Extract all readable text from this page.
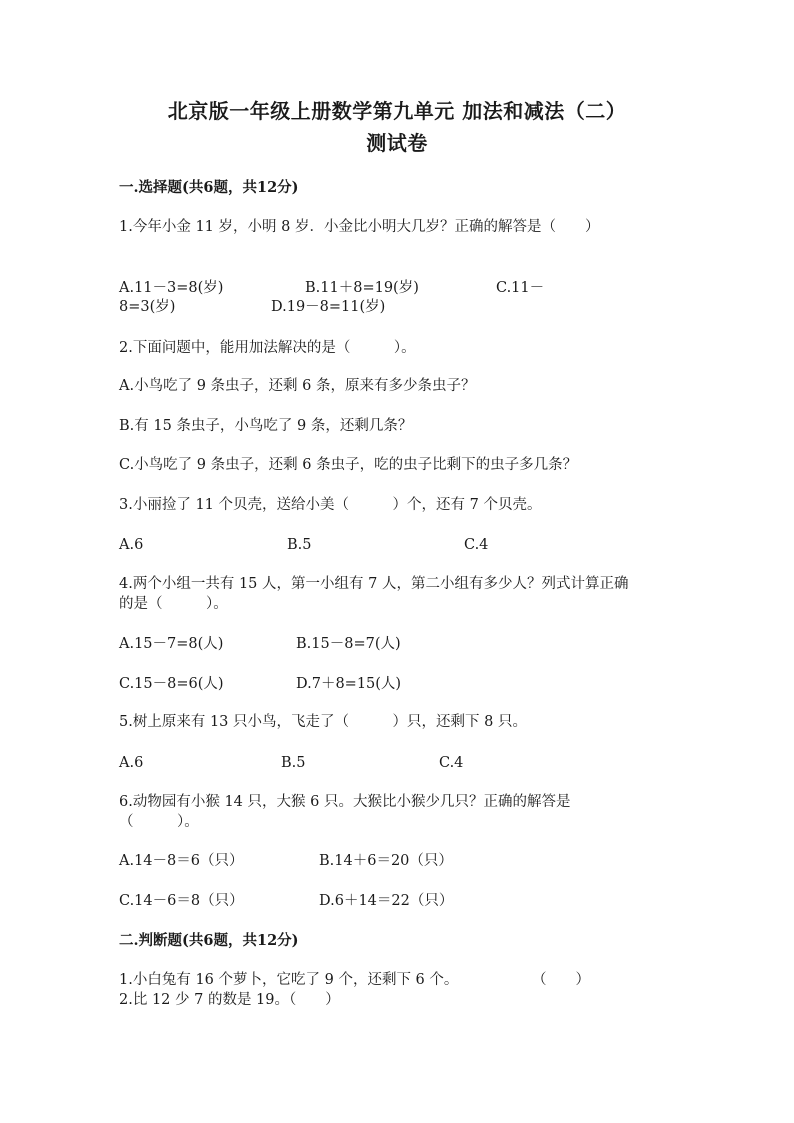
北京版一年级上册数学第九单元 加法和减法（二）
测试卷
一.选择题(共6题，共12分)
1.今年小金 11 岁，小明 8 岁．小金比小明大几岁？正确的解答是（　　）
A.11－3=8(岁)	B.11＋8=19(岁)	C.11－
8=3(岁)	D.19－8=11(岁)
2.下面问题中，能用加法解决的是（　　　）。
A.小鸟吃了 9 条虫子，还剩 6 条，原来有多少条虫子？
B.有 15 条虫子，小鸟吃了 9 条，还剩几条？
C.小鸟吃了 9 条虫子，还剩 6 条虫子，吃的虫子比剩下的虫子多几条？
3.小丽捡了 11 个贝壳，送给小美（　　　）个，还有 7 个贝壳。
A.6	B.5	C.4
4.两个小组一共有 15 人，第一小组有 7 人，第二小组有多少人？列式计算正确
的是（　　　）。
A.15－7=8(人)	B.15－8=7(人)
C.15－8=6(人)	D.7＋8=15(人)
5.树上原来有 13 只小鸟，飞走了（　　　）只，还剩下 8 只。
A.6	B.5	C.4
6.动物园有小猴 14 只，大猴 6 只。大猴比小猴少几只？正确的解答是
（　　　）。
A.14－8＝6（只）	B.14＋6＝20（只）
C.14－6＝8（只）	D.6＋14＝22（只）
二.判断题(共6题，共12分)
1.小白兔有 16 个萝卜，它吃了 9 个，还剩下 6 个。	（　　）
2.比 12 少 7 的数是 19。（　　）
